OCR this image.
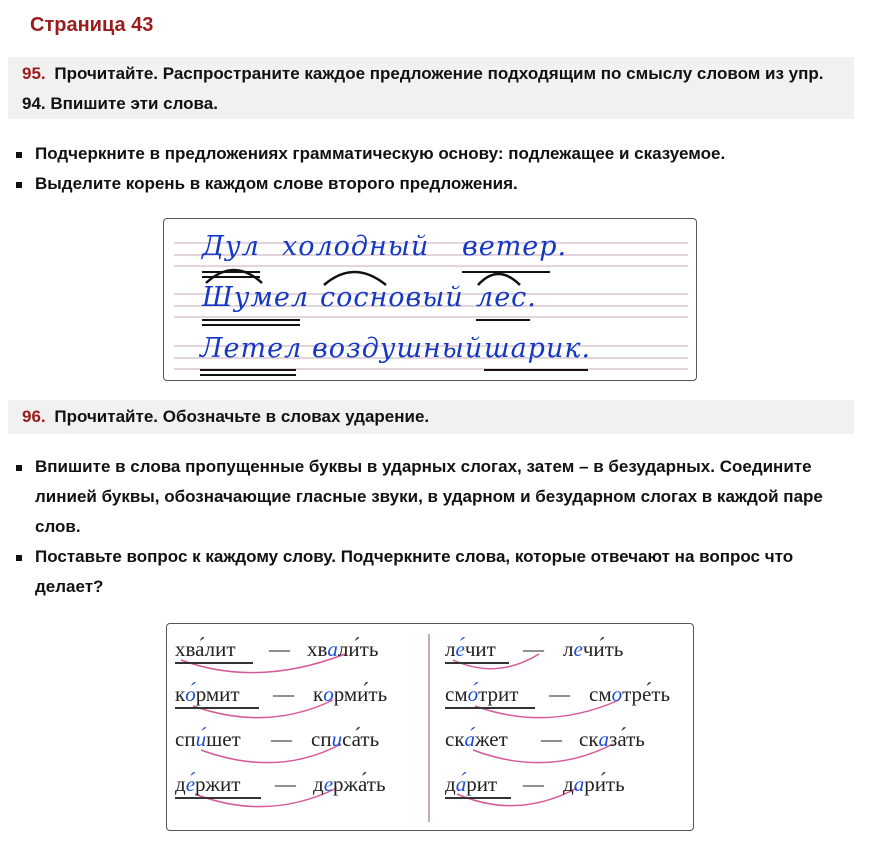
Страница 43
95. Прочитайте. Распространите каждое предложение подходящим по смыслу словом из упр. 94. Впишите эти слова.
Подчеркните в предложениях грамматическую основу: подлежащее и сказуемое.
Выделите корень в каждом слове второго предложения.
Дул холодный ветер.
Шумел сосновый лес.
Летел воздушный шарик.
96. Прочитайте. Обозначьте в словах ударение.
Впишите в слова пропущенные буквы в ударных слогах, затем – в безударных. Соедините линией буквы, обозначающие гласные звуки, в ударном и безударном слогах в каждой паре слов.
Поставьте вопрос к каждому слову. Подчеркните слова, которые отвечают на вопрос что делает?
хва́лит — хвали́ть
ко́рмит — корми́ть
спи́шет — списа́ть
де́ржит — держа́ть
ле́чит — лечи́ть
смо́трит — смотре́ть
ска́жет — сказа́ть
да́рит — дари́ть
